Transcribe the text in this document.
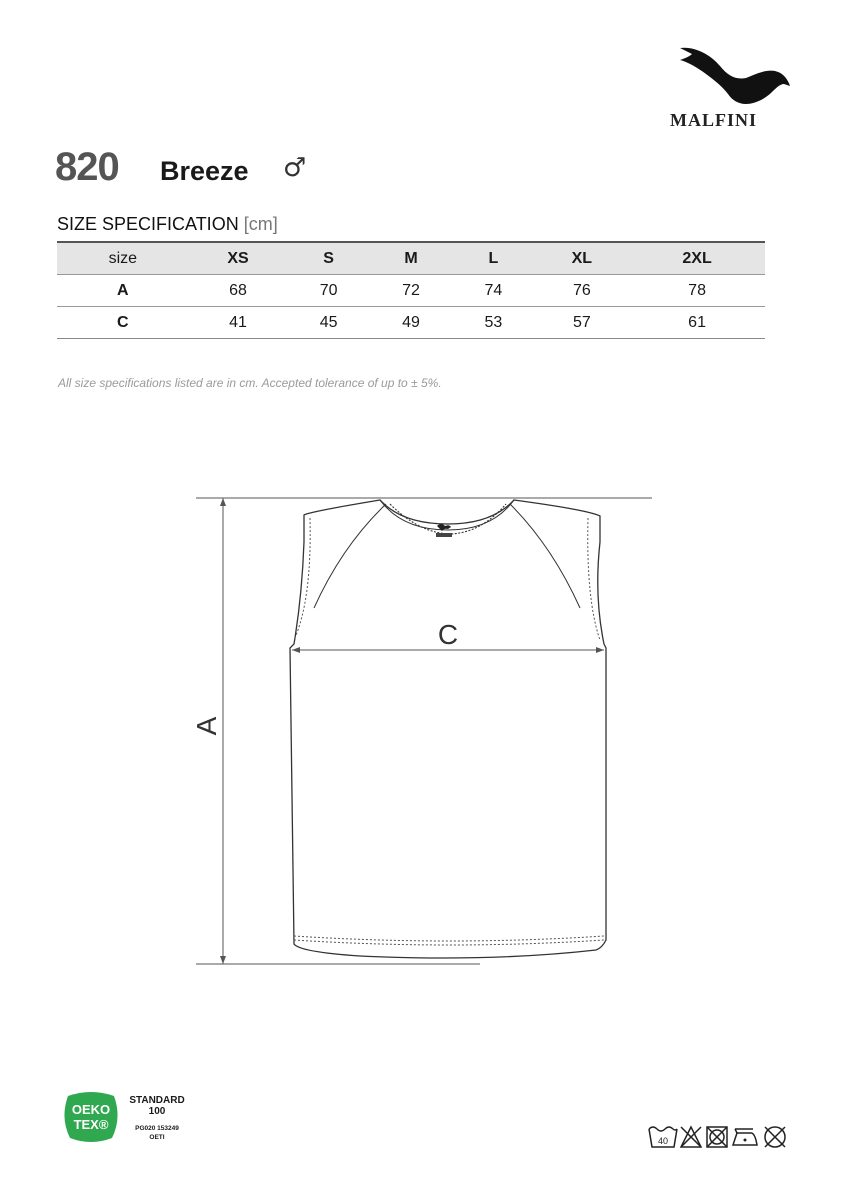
MALFINI
820 Breeze ♂
SIZE SPECIFICATION [cm]
size	XS	S	M	L	XL	2XL
A	68	70	72	74	76	78
C	41	45	49	53	57	61
All size specifications listed are in cm. Accepted tolerance of up to ± 5%.
A
C
OEKO
TEX®
STANDARD
100
PG020 153249
OETI	40
